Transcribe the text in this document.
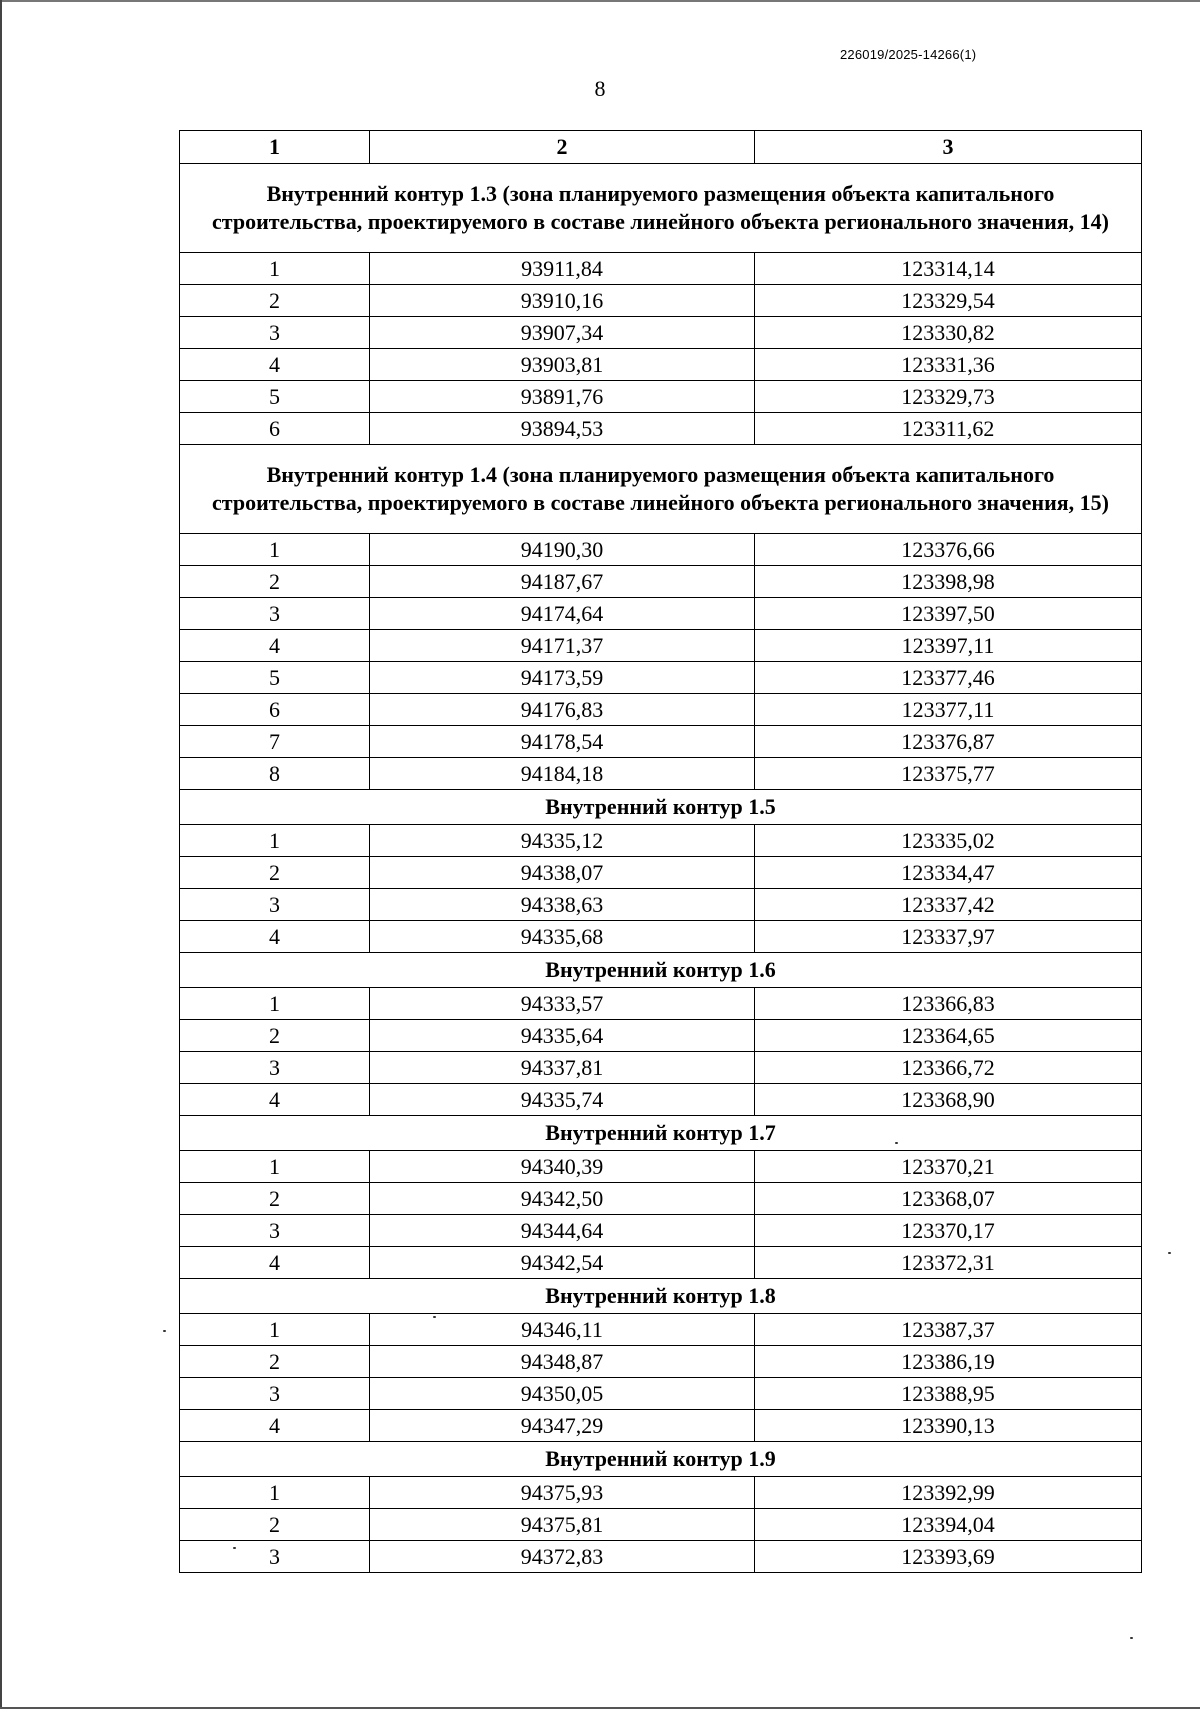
226019/2025-14266(1)
8
1	2	3
Внутренний контур 1.3 (зона планируемого размещения объекта капитального строительства, проектируемого в составе линейного объекта регионального значения, 14)		
1	93911,84	123314,14
2	93910,16	123329,54
3	93907,34	123330,82
4	93903,81	123331,36
5	93891,76	123329,73
6	93894,53	123311,62
Внутренний контур 1.4 (зона планируемого размещения объекта капитального строительства, проектируемого в составе линейного объекта регионального значения, 15)		
1	94190,30	123376,66
2	94187,67	123398,98
3	94174,64	123397,50
4	94171,37	123397,11
5	94173,59	123377,46
6	94176,83	123377,11
7	94178,54	123376,87
8	94184,18	123375,77
Внутренний контур 1.5		
1	94335,12	123335,02
2	94338,07	123334,47
3	94338,63	123337,42
4	94335,68	123337,97
Внутренний контур 1.6		
1	94333,57	123366,83
2	94335,64	123364,65
3	94337,81	123366,72
4	94335,74	123368,90
Внутренний контур 1.7		
1	94340,39	123370,21
2	94342,50	123368,07
3	94344,64	123370,17
4	94342,54	123372,31
Внутренний контур 1.8		
1	94346,11	123387,37
2	94348,87	123386,19
3	94350,05	123388,95
4	94347,29	123390,13
Внутренний контур 1.9		
1	94375,93	123392,99
2	94375,81	123394,04
3	94372,83	123393,69
